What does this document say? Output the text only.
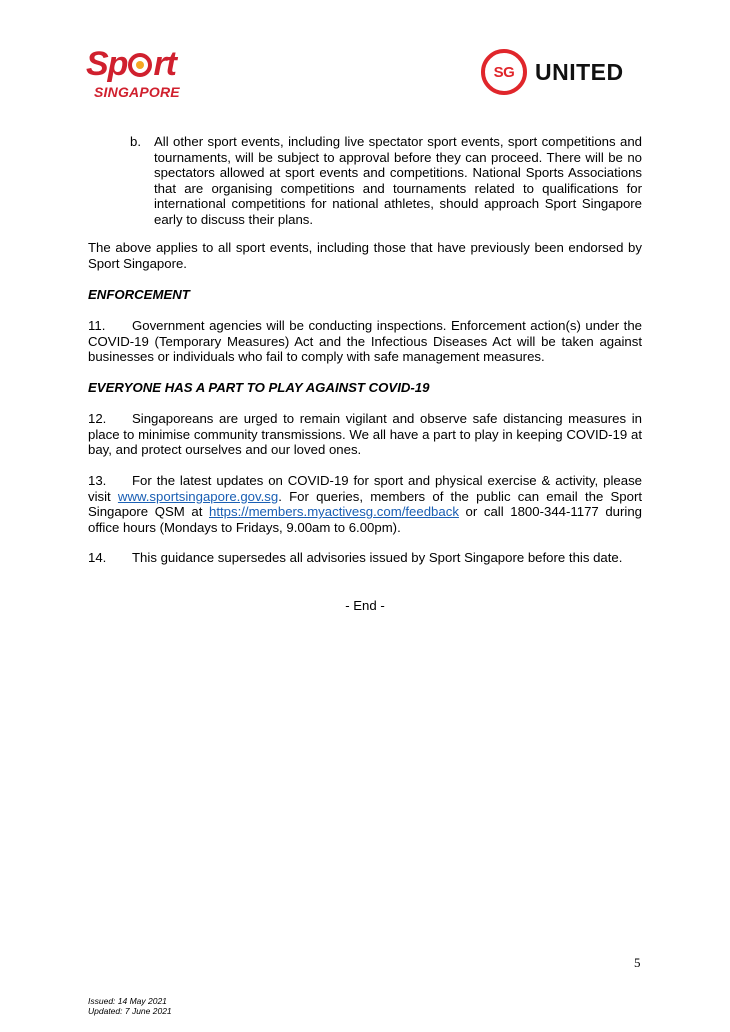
Sp rt
SINGAPORE
SG UNITED
b. All other sport events, including live spectator sport events, sport competitions and tournaments, will be subject to approval before they can proceed. There will be no spectators allowed at sport events and competitions. National Sports Associations that are organising competitions and tournaments related to qualifications for international competitions for national athletes, should approach Sport Singapore early to discuss their plans.
The above applies to all sport events, including those that have previously been endorsed by Sport Singapore.
ENFORCEMENT
11. Government agencies will be conducting inspections. Enforcement action(s) under the COVID-19 (Temporary Measures) Act and the Infectious Diseases Act will be taken against businesses or individuals who fail to comply with safe management measures.
EVERYONE HAS A PART TO PLAY AGAINST COVID-19
12. Singaporeans are urged to remain vigilant and observe safe distancing measures in place to minimise community transmissions. We all have a part to play in keeping COVID-19 at bay, and protect ourselves and our loved ones.
13. For the latest updates on COVID-19 for sport and physical exercise & activity, please visit www.sportsingapore.gov.sg. For queries, members of the public can email the Sport Singapore QSM at https://members.myactivesg.com/feedback or call 1800-344-1177 during office hours (Mondays to Fridays, 9.00am to 6.00pm).
14. This guidance supersedes all advisories issued by Sport Singapore before this date.
- End -
5
Issued: 14 May 2021
Updated: 7 June 2021
